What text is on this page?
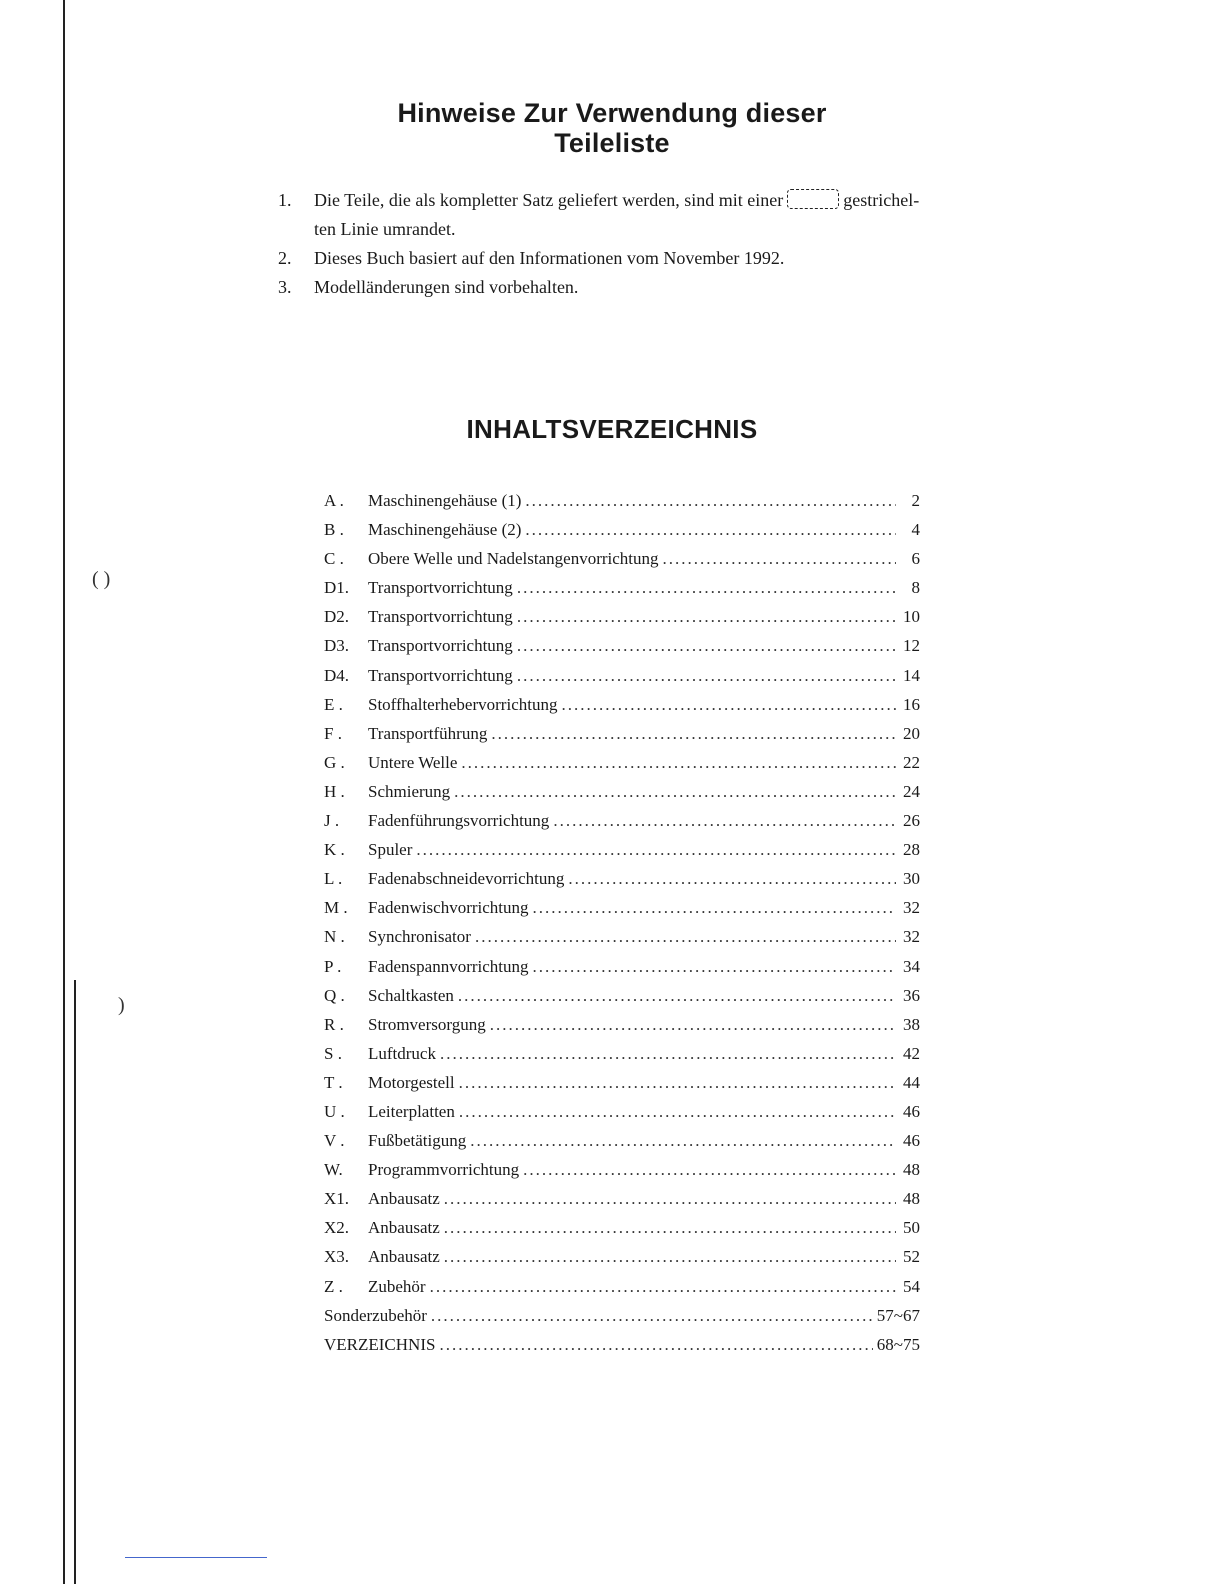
( )
)
Hinweise Zur Verwendung dieser
Teileliste
1. Die Teile, die als kompletter Satz geliefert werden, sind mit einer	gestrichel-
ten Linie umrandet.
2. Dieses Buch basiert auf den Informationen vom November 1992.
3. Modelländerungen sind vorbehalten.
INHALTSVERZEICHNIS
A .	Maschinengehäuse (1) .....	2
B .	Maschinengehäuse (2) .....	4
C .	Obere Welle und Nadelstangenvorrichtung .....	6
D1.	Transportvorrichtung .....	8
D2.	Transportvorrichtung .....	10
D3.	Transportvorrichtung .....	12
D4.	Transportvorrichtung .....	14
E .	Stoffhalterhebervorrichtung .....	16
F .	Transportführung .....	20
G .	Untere Welle .....	22
H .	Schmierung .....	24
J .	Fadenführungsvorrichtung .....	26
K .	Spuler .....	28
L .	Fadenabschneidevorrichtung .....	30
M .	Fadenwischvorrichtung .....	32
N .	Synchronisator .....	32
P .	Fadenspannvorrichtung .....	34
Q .	Schaltkasten .....	36
R .	Stromversorgung .....	38
S .	Luftdruck .....	42
T .	Motorgestell .....	44
U .	Leiterplatten .....	46
V .	Fußbetätigung .....	46
W.	Programmvorrichtung .....	48
X1.	Anbausatz .....	48
X2.	Anbausatz .....	50
X3.	Anbausatz .....	52
Z .	Zubehör .....	54
Sonderzubehör .....	57~67
VERZEICHNIS .....	68~75
